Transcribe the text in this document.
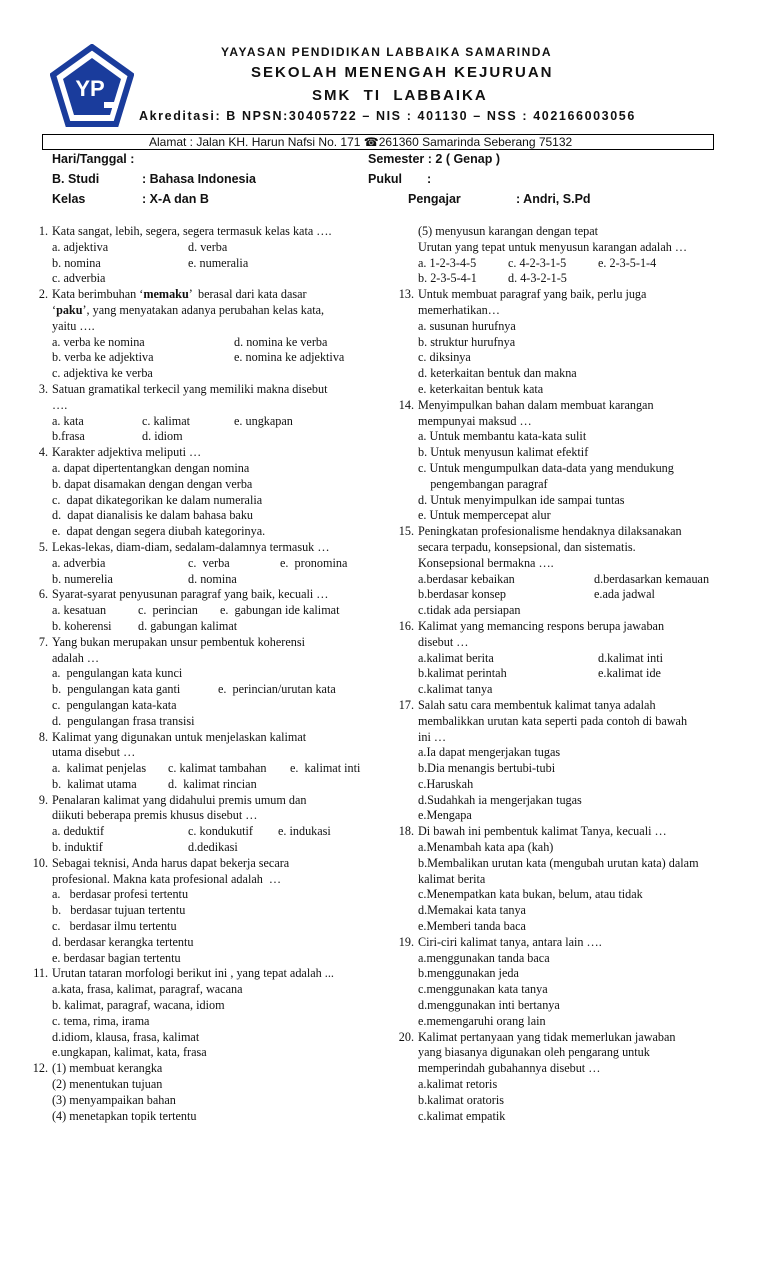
YP
YAYASAN PENDIDIKAN LABBAIKA SAMARINDA
SEKOLAH MENENGAH KEJURUAN
SMK  TI  LABBAIKA
Akreditasi: B NPSN:30405722 – NIS : 401130 – NSS : 402166003056
Alamat : Jalan KH. Harun Nafsi No. 171 ☎261360 Samarinda Seberang 75132
Hari/Tanggal :	Semester : 2 ( Genap )
B. Studi	: Bahasa Indonesia	Pukul :
Kelas	: X-A dan B	Pengajar	: Andri, S.Pd
1. Kata sangat, lebih, segera, segera termasuk kelas kata ….
a. adjektiva	d. verba
b. nomina	e. numeralia
c. adverbia
2. Kata berimbuhan ‘memaku’  berasal dari kata dasar
‘paku’, yang menyatakan adanya perubahan kelas kata,
yaitu ….
a. verba ke nomina	d. nomina ke verba
b. verba ke adjektiva	e. nomina ke adjektiva
c. adjektiva ke verba
3. Satuan gramatikal terkecil yang memiliki makna disebut
….
a. kata	c. kalimat	e. ungkapan
b.frasa	d. idiom
4. Karakter adjektiva meliputi …
a. dapat dipertentangkan dengan nomina
b. dapat disamakan dengan dengan verba
c.  dapat dikategorikan ke dalam numeralia
d.  dapat dianalisis ke dalam bahasa baku
e.  dapat dengan segera diubah kategorinya.
5. Lekas-lekas, diam-diam, sedalam-dalamnya termasuk …
a. adverbia	c.  verba	e.  pronomina
b. numerelia	d. nomina
6. Syarat-syarat penyusunan paragraf yang baik, kecuali …
a. kesatuan	c.  perincian e.  gabungan ide kalimat
b. koherensi d. gabungan kalimat
7. Yang bukan merupakan unsur pembentuk koherensi
adalah …
a.  pengulangan kata kunci
b.  pengulangan kata ganti	e.  perincian/urutan kata
c.  pengulangan kata-kata
d.  pengulangan frasa transisi
8. Kalimat yang digunakan untuk menjelaskan kalimat
utama disebut …
a.  kalimat penjelas c. kalimat tambahan e.  kalimat inti
b.  kalimat utama	d.  kalimat rincian
9. Penalaran kalimat yang didahului premis umum dan
diikuti beberapa premis khusus disebut …
a. deduktif	c. kondukutif e. indukasi
b. induktif	d.dedikasi
10. Sebagai teknisi, Anda harus dapat bekerja secara
profesional. Makna kata profesional adalah  …
a.   berdasar profesi tertentu
b.   berdasar tujuan tertentu
c.   berdasar ilmu tertentu
d. berdasar kerangka tertentu
e. berdasar bagian tertentu
11. Urutan tataran morfologi berikut ini , yang tepat adalah ...
a.kata, frasa, kalimat, paragraf, wacana
b. kalimat, paragraf, wacana, idiom
c. tema, rima, irama
d.idiom, klausa, frasa, kalimat
e.ungkapan, kalimat, kata, frasa
12. (1) membuat kerangka
(2) menentukan tujuan
(3) menyampaikan bahan
(4) menetapkan topik tertentu
(5) menyusun karangan dengan tepat
Urutan yang tepat untuk menyusun karangan adalah …
a. 1-2-3-4-5	c. 4-2-3-1-5	e. 2-3-5-1-4
b. 2-3-5-4-1	d. 4-3-2-1-5
13. Untuk membuat paragraf yang baik, perlu juga
memerhatikan…
a. susunan hurufnya
b. struktur hurufnya
c. diksinya
d. keterkaitan bentuk dan makna
e. keterkaitan bentuk kata
14. Menyimpulkan bahan dalam membuat karangan
mempunyai maksud …
a. Untuk membantu kata-kata sulit
b. Untuk menyusun kalimat efektif
c. Untuk mengumpulkan data-data yang mendukung
pengembangan paragraf
d. Untuk menyimpulkan ide sampai tuntas
e. Untuk mempercepat alur
15. Peningkatan profesionalisme hendaknya dilaksanakan
secara terpadu, konsepsional, dan sistematis.
Konsepsional bermakna ….
a.berdasar kebaikan	d.berdasarkan kemauan
b.berdasar konsep	e.ada jadwal
c.tidak ada persiapan
16. Kalimat yang memancing respons berupa jawaban
disebut …
a.kalimat berita	d.kalimat inti
b.kalimat perintah	e.kalimat ide
c.kalimat tanya
17. Salah satu cara membentuk kalimat tanya adalah
membalikkan urutan kata seperti pada contoh di bawah
ini …
a.Ia dapat mengerjakan tugas
b.Dia menangis bertubi-tubi
c.Haruskah
d.Sudahkah ia mengerjakan tugas
e.Mengapa
18. Di bawah ini pembentuk kalimat Tanya, kecuali …
a.Menambah kata apa (kah)
b.Membalikan urutan kata (mengubah urutan kata) dalam
kalimat berita
c.Menempatkan kata bukan, belum, atau tidak
d.Memakai kata tanya
e.Memberi tanda baca
19. Ciri-ciri kalimat tanya, antara lain ….
a.menggunakan tanda baca
b.menggunakan jeda
c.menggunakan kata tanya
d.menggunakan inti bertanya
e.memengaruhi orang lain
20. Kalimat pertanyaan yang tidak memerlukan jawaban
yang biasanya digunakan oleh pengarang untuk
memperindah gubahannya disebut …
a.kalimat retoris
b.kalimat oratoris
c.kalimat empatik
